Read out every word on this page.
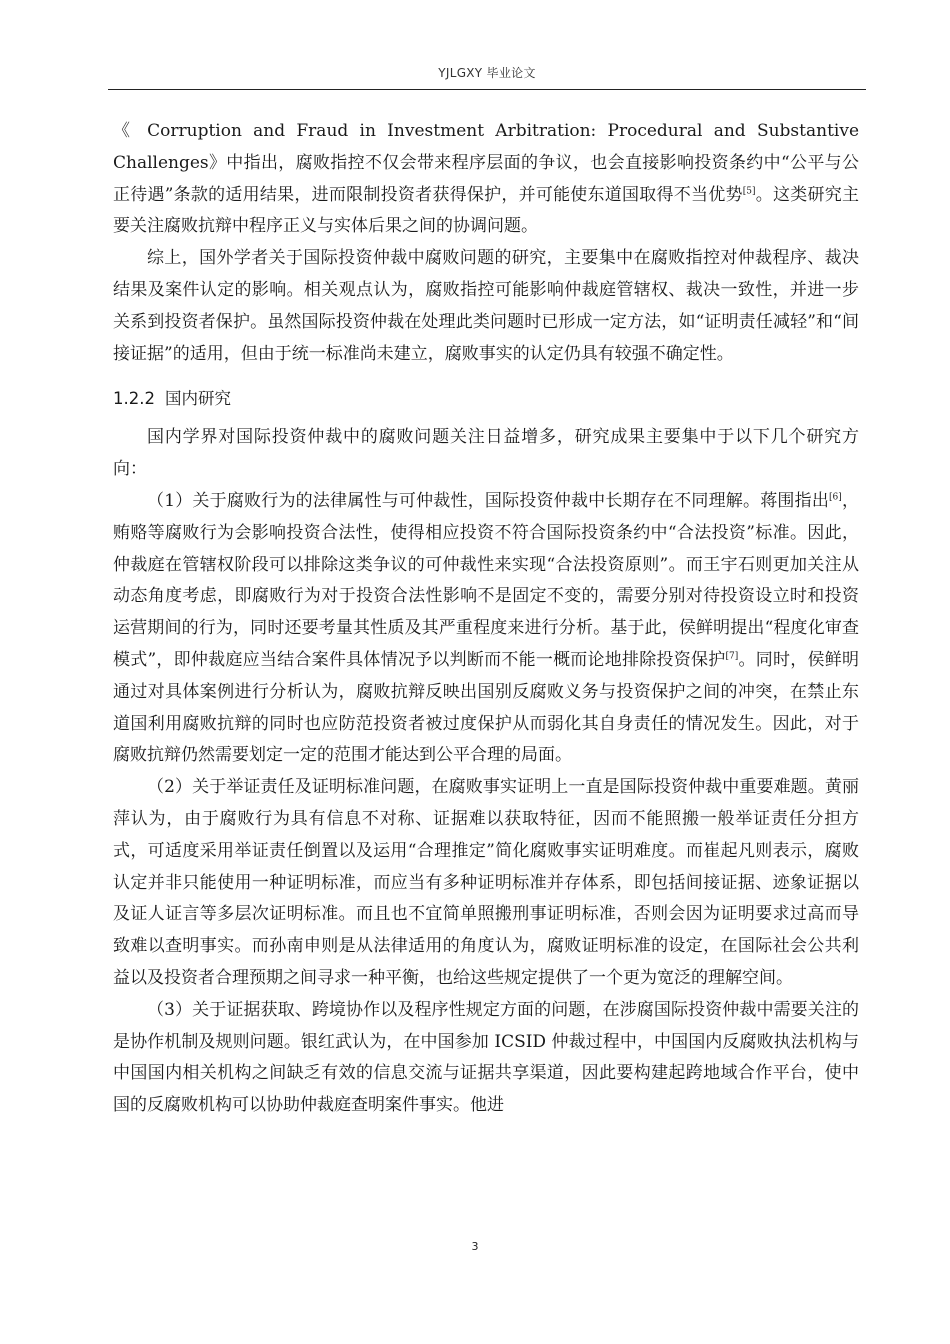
YJLGXY 毕业论文

《 Corruption and Fraud in Investment Arbitration: Procedural and Substantive Challenges》中指出，腐败指控不仅会带来程序层面的争议，也会直接影响投资条约中“公平与公正待遇”条款的适用结果，进而限制投资者获得保护，并可能使东道国取得不当优势[5]。这类研究主要关注腐败抗辩中程序正义与实体后果之间的协调问题。

综上，国外学者关于国际投资仲裁中腐败问题的研究，主要集中在腐败指控对仲裁程序、裁决结果及案件认定的影响。相关观点认为，腐败指控可能影响仲裁庭管辖权、裁决一致性，并进一步关系到投资者保护。虽然国际投资仲裁在处理此类问题时已形成一定方法，如“证明责任减轻”和“间接证据”的适用，但由于统一标准尚未建立，腐败事实的认定仍具有较强不确定性。

1.2.2 国内研究

国内学界对国际投资仲裁中的腐败问题关注日益增多，研究成果主要集中于以下几个研究方向：

（1）关于腐败行为的法律属性与可仲裁性，国际投资仲裁中长期存在不同理解。蒋围指出[6]，贿赂等腐败行为会影响投资合法性，使得相应投资不符合国际投资条约中“合法投资”标准。因此，仲裁庭在管辖权阶段可以排除这类争议的可仲裁性来实现“合法投资原则”。而王宇石则更加关注从动态角度考虑，即腐败行为对于投资合法性影响不是固定不变的，需要分别对待投资设立时和投资运营期间的行为，同时还要考量其性质及其严重程度来进行分析。基于此，侯鲜明提出“程度化审查模式”，即仲裁庭应当结合案件具体情况予以判断而不能一概而论地排除投资保护[7]。同时，侯鲜明通过对具体案例进行分析认为，腐败抗辩反映出国别反腐败义务与投资保护之间的冲突，在禁止东道国利用腐败抗辩的同时也应防范投资者被过度保护从而弱化其自身责任的情况发生。因此，对于腐败抗辩仍然需要划定一定的范围才能达到公平合理的局面。

（2）关于举证责任及证明标准问题，在腐败事实证明上一直是国际投资仲裁中重要难题。黄丽萍认为，由于腐败行为具有信息不对称、证据难以获取特征，因而不能照搬一般举证责任分担方式，可适度采用举证责任倒置以及运用“合理推定”简化腐败事实证明难度。而崔起凡则表示，腐败认定并非只能使用一种证明标准，而应当有多种证明标准并存体系，即包括间接证据、迹象证据以及证人证言等多层次证明标准。而且也不宜简单照搬刑事证明标准，否则会因为证明要求过高而导致难以查明事实。而孙南申则是从法律适用的角度认为，腐败证明标准的设定，在国际社会公共利益以及投资者合理预期之间寻求一种平衡，也给这些规定提供了一个更为宽泛的理解空间。

（3）关于证据获取、跨境协作以及程序性规定方面的问题，在涉腐国际投资仲裁中需要关注的是协作机制及规则问题。银红武认为，在中国参加 ICSID 仲裁过程中，中国国内反腐败执法机构与中国国内相关机构之间缺乏有效的信息交流与证据共享渠道，因此要构建起跨地域合作平台，使中国的反腐败机构可以协助仲裁庭查明案件事实。他进

3
